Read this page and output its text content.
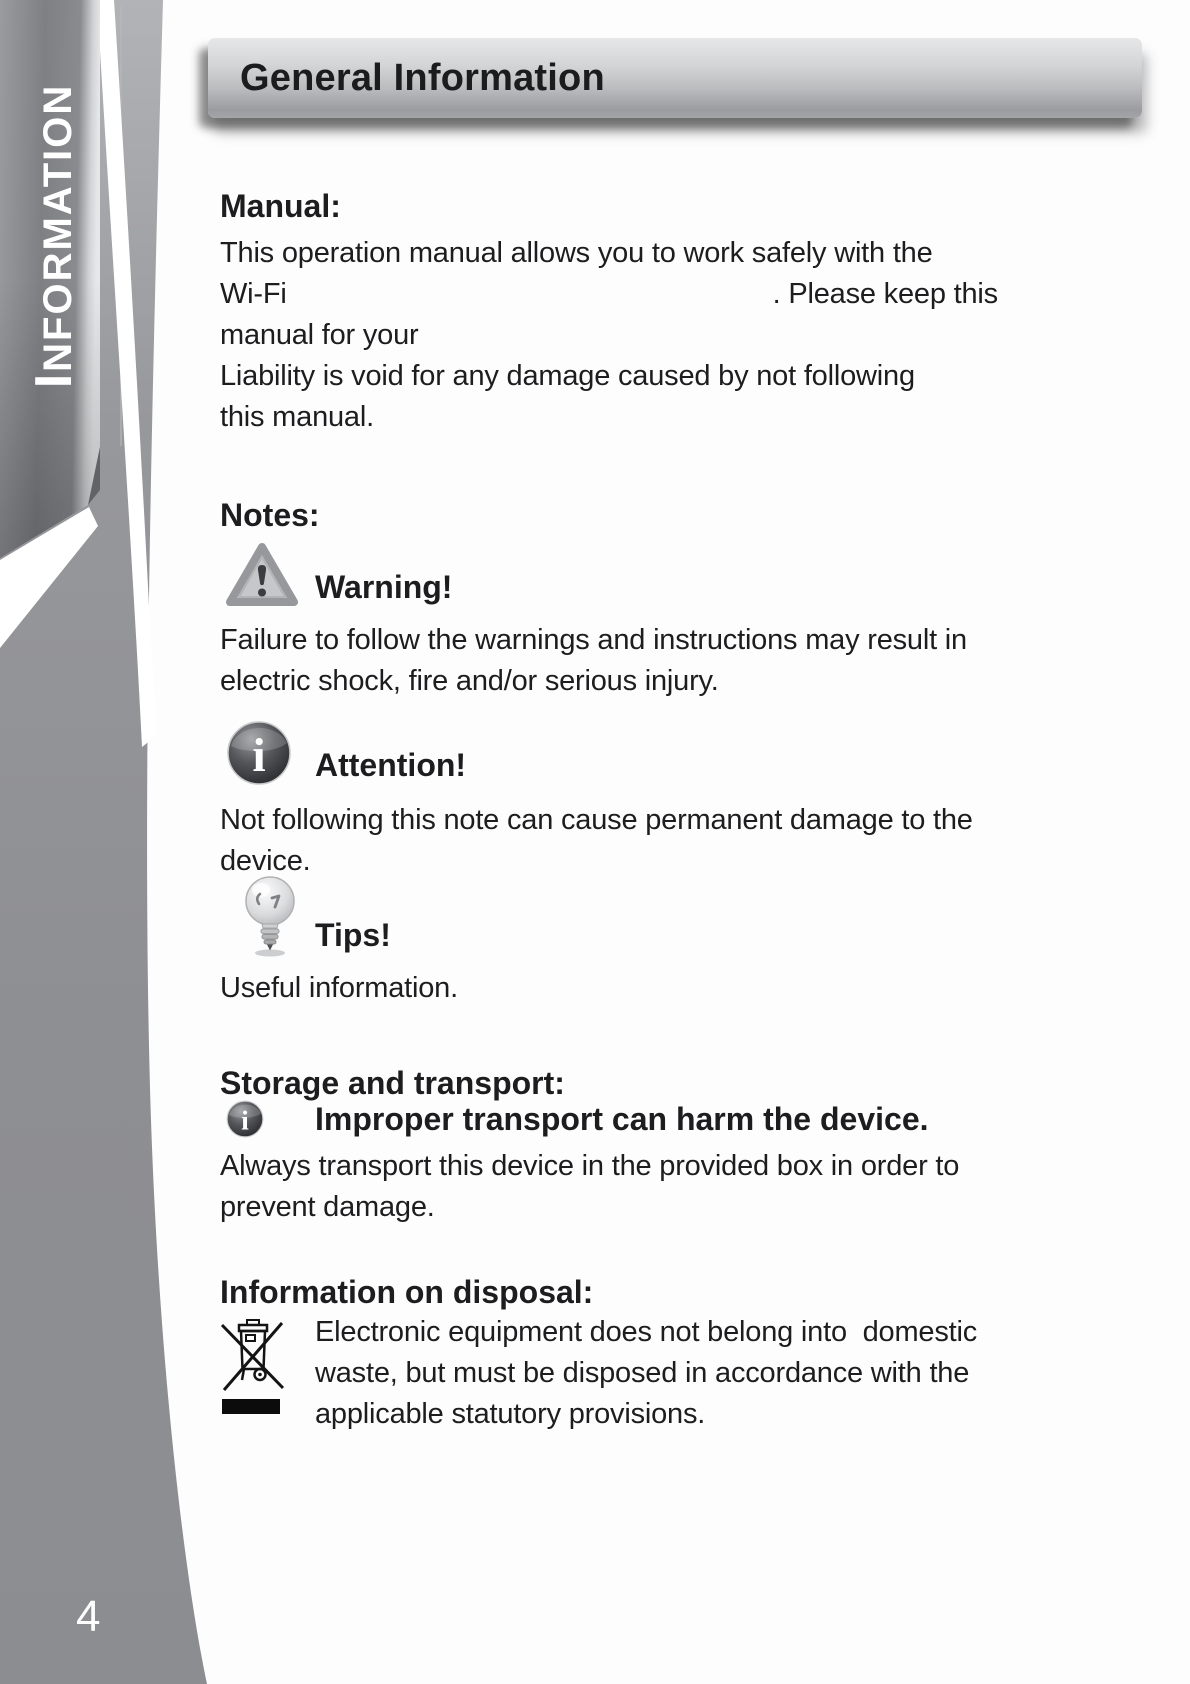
INFORMATION
4
General Information
Manual:
This operation manual allows you to work safely with the
Wi-Fi	. Please keep this
manual for your
Liability is void for any damage caused by not following
this manual.
Notes:
Warning!
Failure to follow the warnings and instructions may result in
electric shock, fire and/or serious injury.
i Attention!
Not following this note can cause permanent damage to the
device.
Tips!
Useful information.
Storage and transport:
i Improper transport can harm the device.
Always transport this device in the provided box in order to
prevent damage.
Information on disposal:
Electronic equipment does not belong into  domestic
waste, but must be disposed in accordance with the
applicable statutory provisions.
